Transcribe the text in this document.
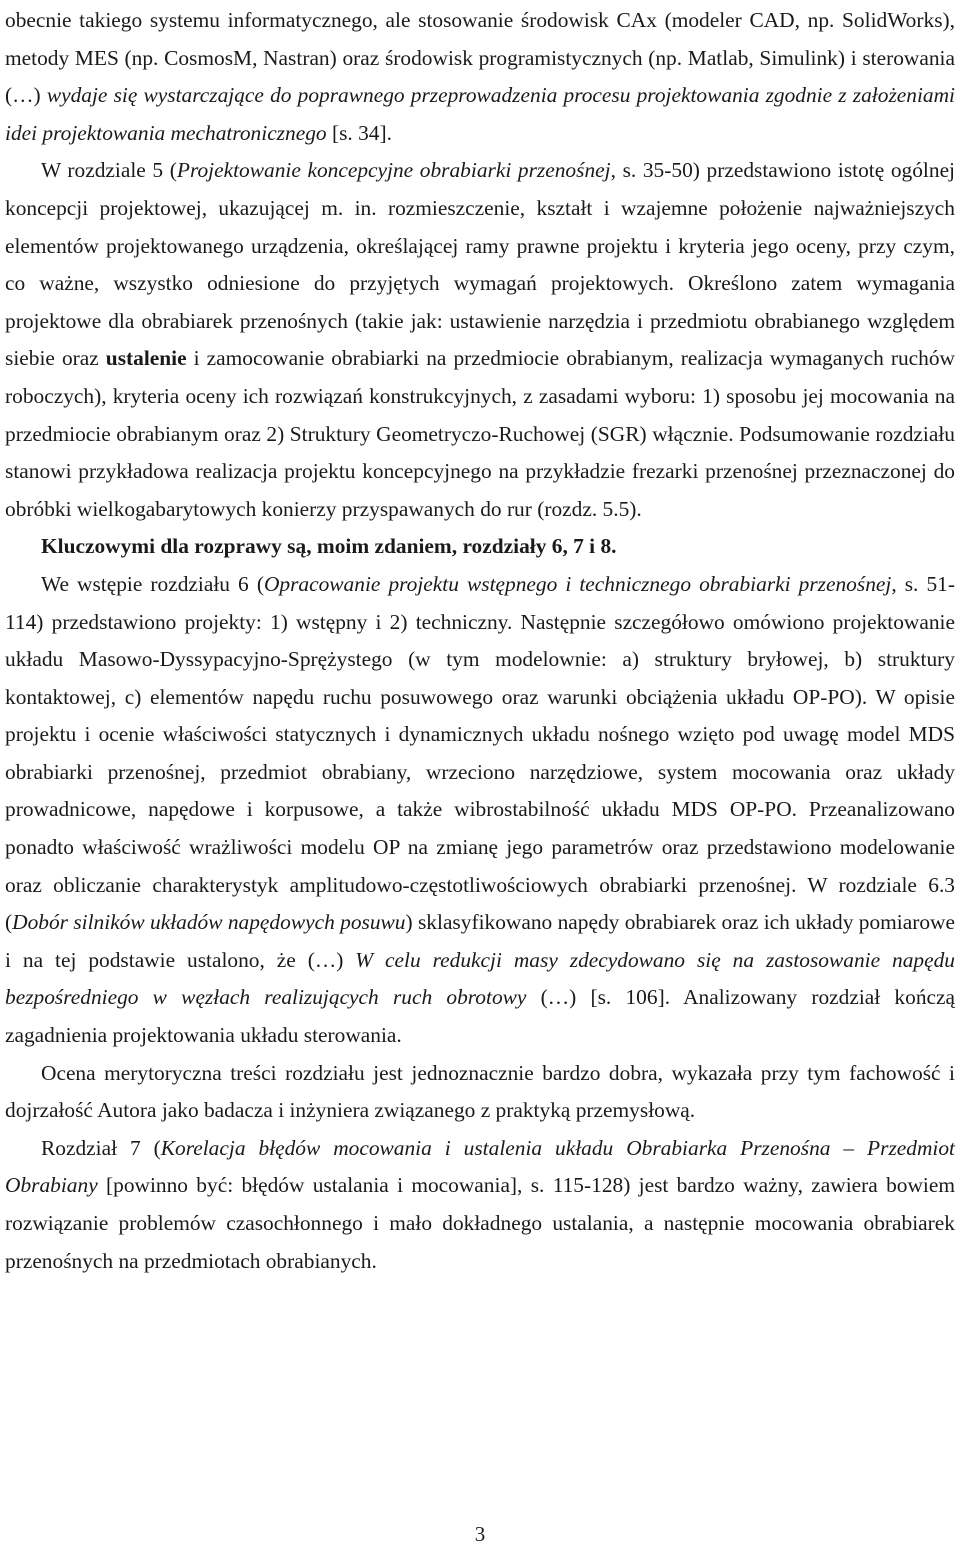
obecnie takiego systemu informatycznego, ale stosowanie środowisk CAx (modeler CAD, np. SolidWorks), metody MES (np. CosmosM, Nastran) oraz środowisk programistycznych (np. Matlab, Simulink) i sterowania (…) wydaje się wystarczające do poprawnego przeprowadzenia procesu projektowania zgodnie z założeniami idei projektowania mechatronicznego [s. 34].

W rozdziale 5 (Projektowanie koncepcyjne obrabiarki przenośnej, s. 35-50) przedstawiono istotę ogólnej koncepcji projektowej, ukazującej m. in. rozmieszczenie, kształt i wzajemne położenie najważniejszych elementów projektowanego urządzenia, określającej ramy prawne projektu i kryteria jego oceny, przy czym, co ważne, wszystko odniesione do przyjętych wymagań projektowych. Określono zatem wymagania projektowe dla obrabiarek przenośnych (takie jak: ustawienie narzędzia i przedmiotu obrabianego względem siebie oraz ustalenie i zamocowanie obrabiarki na przedmiocie obrabianym, realizacja wymaganych ruchów roboczych), kryteria oceny ich rozwiązań konstrukcyjnych, z zasadami wyboru: 1) sposobu jej mocowania na przedmiocie obrabianym oraz 2) Struktury Geometryczo-Ruchowej (SGR) włącznie. Podsumowanie rozdziału stanowi przykładowa realizacja projektu koncepcyjnego na przykładzie frezarki przenośnej przeznaczonej do obróbki wielkogabarytowych konierzy przyspawanych do rur (rozdz. 5.5).

Kluczowymi dla rozprawy są, moim zdaniem, rozdziały 6, 7 i 8.

We wstępie rozdziału 6 (Opracowanie projektu wstępnego i technicznego obrabiarki przenośnej, s. 51-114) przedstawiono projekty: 1) wstępny i 2) techniczny. Następnie szczegółowo omówiono projektowanie układu Masowo-Dyssypacyjno-Sprężystego (w tym modelownie: a) struktury bryłowej, b) struktury kontaktowej, c) elementów napędu ruchu posuwowego oraz warunki obciążenia układu OP-PO). W opisie projektu i ocenie właściwości statycznych i dynamicznych układu nośnego wzięto pod uwagę model MDS obrabiarki przenośnej, przedmiot obrabiany, wrzeciono narzędziowe, system mocowania oraz układy prowadnicowe, napędowe i korpusowe, a także wibrostabilność układu MDS OP-PO. Przeanalizowano ponadto właściwość wrażliwości modelu OP na zmianę jego parametrów oraz przedstawiono modelowanie oraz obliczanie charakterystyk amplitudowo-częstotliwościowych obrabiarki przenośnej. W rozdziale 6.3 (Dobór silników układów napędowych posuwu) sklasyfikowano napędy obrabiarek oraz ich układy pomiarowe i na tej podstawie ustalono, że (…) W celu redukcji masy zdecydowano się na zastosowanie napędu bezpośredniego w węzłach realizujących ruch obrotowy (…) [s. 106]. Analizowany rozdział kończą zagadnienia projektowania układu sterowania.

Ocena merytoryczna treści rozdziału jest jednoznacznie bardzo dobra, wykazała przy tym fachowość i dojrzałość Autora jako badacza i inżyniera związanego z praktyką przemysłową.

Rozdział 7 (Korelacja błędów mocowania i ustalenia układu Obrabiarka Przenośna – Przedmiot Obrabiany [powinno być: błędów ustalania i mocowania], s. 115-128) jest bardzo ważny, zawiera bowiem rozwiązanie problemów czasochłonnego i mało dokładnego ustalania, a następnie mocowania obrabiarek przenośnych na przedmiotach obrabianych.

3
